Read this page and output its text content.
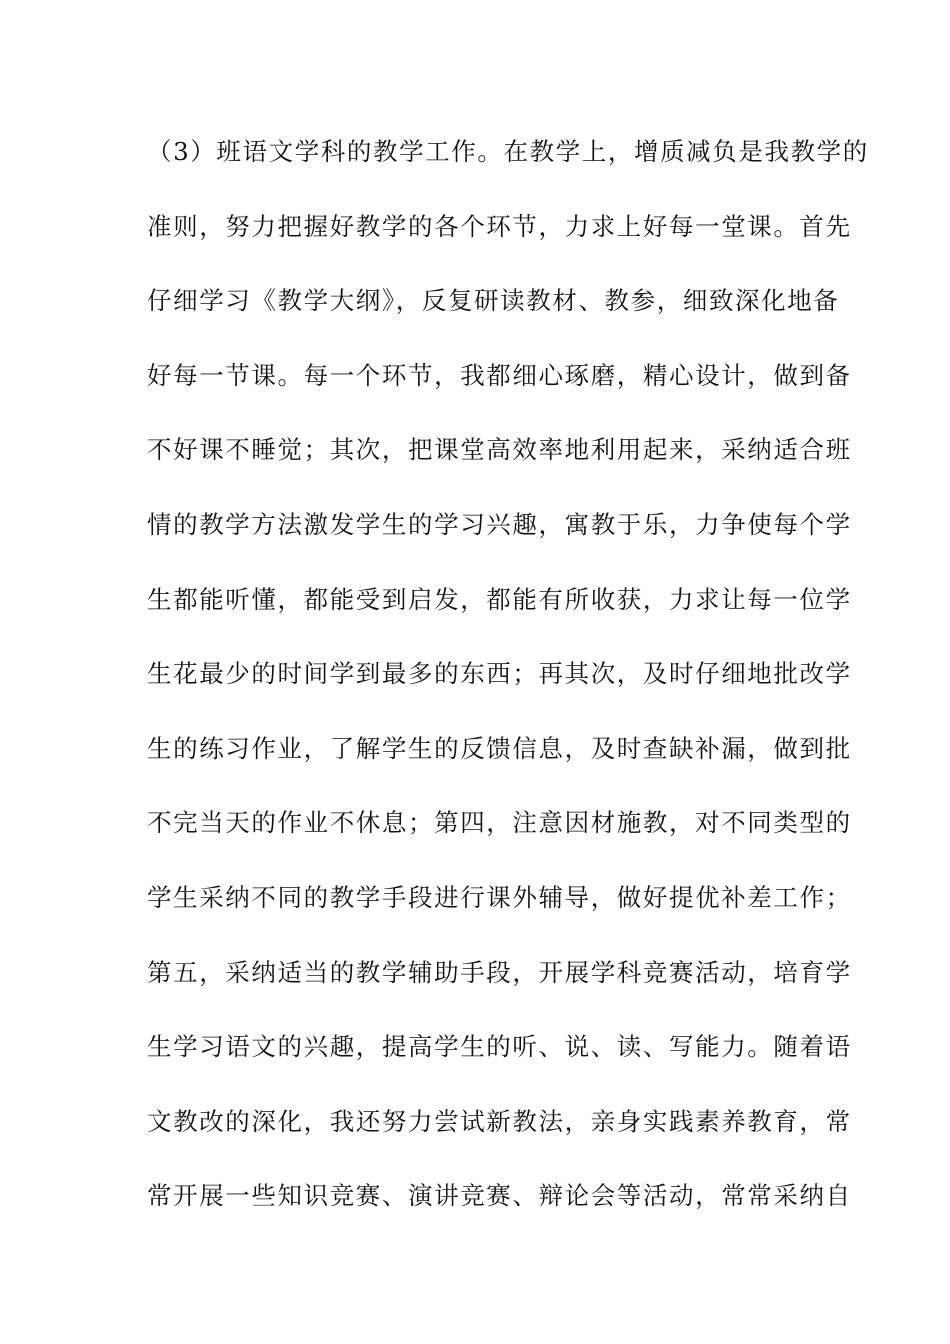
（3）班语文学科的教学工作。在教学上，增质减负是我教学的
准则，努力把握好教学的各个环节，力求上好每一堂课。首先
仔细学习《教学大纲》，反复研读教材、教参，细致深化地备
好每一节课。每一个环节，我都细心琢磨，精心设计，做到备
不好课不睡觉；其次，把课堂高效率地利用起来，采纳适合班
情的教学方法激发学生的学习兴趣，寓教于乐，力争使每个学
生都能听懂，都能受到启发，都能有所收获，力求让每一位学
生花最少的时间学到最多的东西；再其次，及时仔细地批改学
生的练习作业，了解学生的反馈信息，及时查缺补漏，做到批
不完当天的作业不休息；第四，注意因材施教，对不同类型的
学生采纳不同的教学手段进行课外辅导，做好提优补差工作；
第五，采纳适当的教学辅助手段，开展学科竞赛活动，培育学
生学习语文的兴趣，提高学生的听、说、读、写能力。随着语
文教改的深化，我还努力尝试新教法，亲身实践素养教育，常
常开展一些知识竞赛、演讲竞赛、辩论会等活动，常常采纳自
